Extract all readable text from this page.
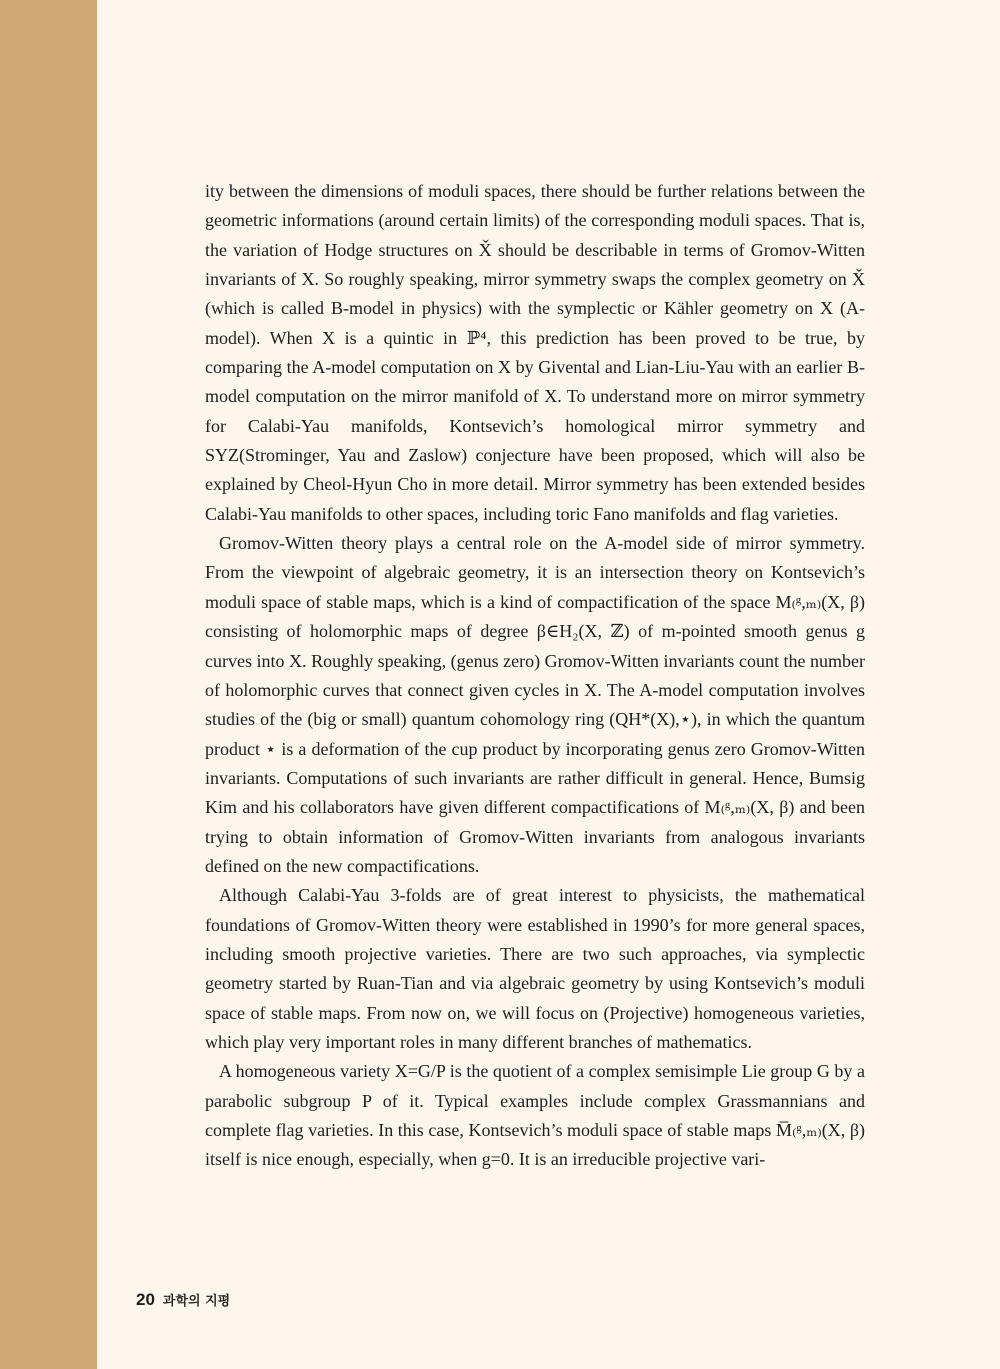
ity between the dimensions of moduli spaces, there should be further relations between the geometric informations (around certain limits) of the corresponding moduli spaces. That is, the variation of Hodge structures on X̌ should be describable in terms of Gromov-Witten invariants of X. So roughly speaking, mirror symmetry swaps the complex geometry on X̌ (which is called B-model in physics) with the symplectic or Kähler geometry on X (A-model). When X is a quintic in ℙ⁴, this prediction has been proved to be true, by comparing the A-model computation on X by Givental and Lian-Liu-Yau with an earlier B-model computation on the mirror manifold of X. To understand more on mirror symmetry for Calabi-Yau manifolds, Kontsevich’s homological mirror symmetry and SYZ(Strominger, Yau and Zaslow) conjecture have been proposed, which will also be explained by Cheol-Hyun Cho in more detail. Mirror symmetry has been extended besides Calabi-Yau manifolds to other spaces, including toric Fano manifolds and flag varieties.

Gromov-Witten theory plays a central role on the A-model side of mirror symmetry. From the viewpoint of algebraic geometry, it is an intersection theory on Kontsevich’s moduli space of stable maps, which is a kind of compactification of the space M₍ᵍ,ₘ₎(X, β) consisting of holomorphic maps of degree β∈H₂(X, ℤ) of m-pointed smooth genus g curves into X. Roughly speaking, (genus zero) Gromov-Witten invariants count the number of holomorphic curves that connect given cycles in X. The A-model computation involves studies of the (big or small) quantum cohomology ring (QH*(X),⋆), in which the quantum product ⋆ is a deformation of the cup product by incorporating genus zero Gromov-Witten invariants. Computations of such invariants are rather difficult in general. Hence, Bumsig Kim and his collaborators have given different compactifications of M₍ᵍ,ₘ₎(X, β) and been trying to obtain information of Gromov-Witten invariants from analogous invariants defined on the new compactifications.

Although Calabi-Yau 3-folds are of great interest to physicists, the mathematical foundations of Gromov-Witten theory were established in 1990’s for more general spaces, including smooth projective varieties. There are two such approaches, via symplectic geometry started by Ruan-Tian and via algebraic geometry by using Kontsevich’s moduli space of stable maps. From now on, we will focus on (Projective) homogeneous varieties, which play very important roles in many different branches of mathematics.

A homogeneous variety X=G/P is the quotient of a complex semisimple Lie group G by a parabolic subgroup P of it. Typical examples include complex Grassmannians and complete flag varieties. In this case, Kontsevich’s moduli space of stable maps M̅₍ᵍ,ₘ₎(X, β) itself is nice enough, especially, when g=0. It is an irreducible projective vari-

20 과학의 지평
